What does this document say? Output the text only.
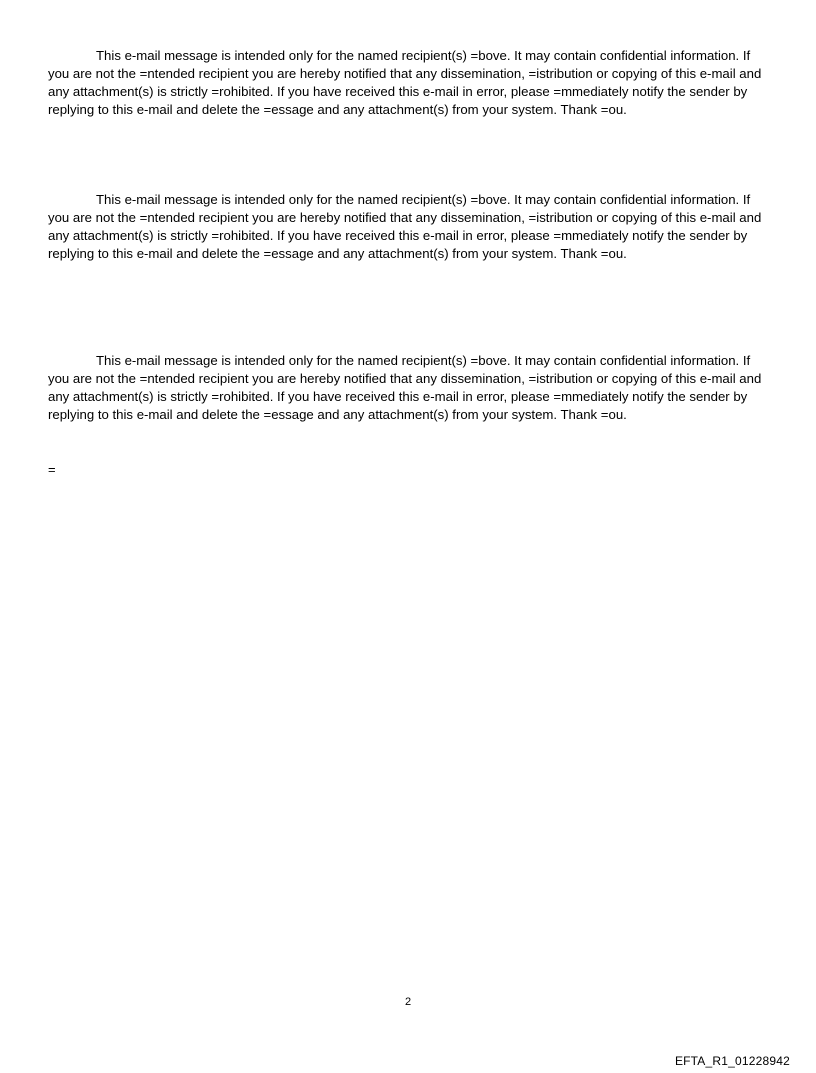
This e-mail message is intended only for the named recipient(s) =bove. It may contain confidential information. If you are not the =ntended recipient you are hereby notified that any dissemination, =istribution or copying of this e-mail and any attachment(s) is strictly =rohibited. If you have received this e-mail in error, please =mmediately notify the sender by replying to this e-mail and delete the =essage and any attachment(s) from your system. Thank =ou.

This e-mail message is intended only for the named recipient(s) =bove. It may contain confidential information. If you are not the =ntended recipient you are hereby notified that any dissemination, =istribution or copying of this e-mail and any attachment(s) is strictly =rohibited. If you have received this e-mail in error, please =mmediately notify the sender by replying to this e-mail and delete the =essage and any attachment(s) from your system. Thank =ou.

This e-mail message is intended only for the named recipient(s) =bove. It may contain confidential information. If you are not the =ntended recipient you are hereby notified that any dissemination, =istribution or copying of this e-mail and any attachment(s) is strictly =rohibited. If you have received this e-mail in error, please =mmediately notify the sender by replying to this e-mail and delete the =essage and any attachment(s) from your system. Thank =ou.

=

2
EFTA_R1_01228942
